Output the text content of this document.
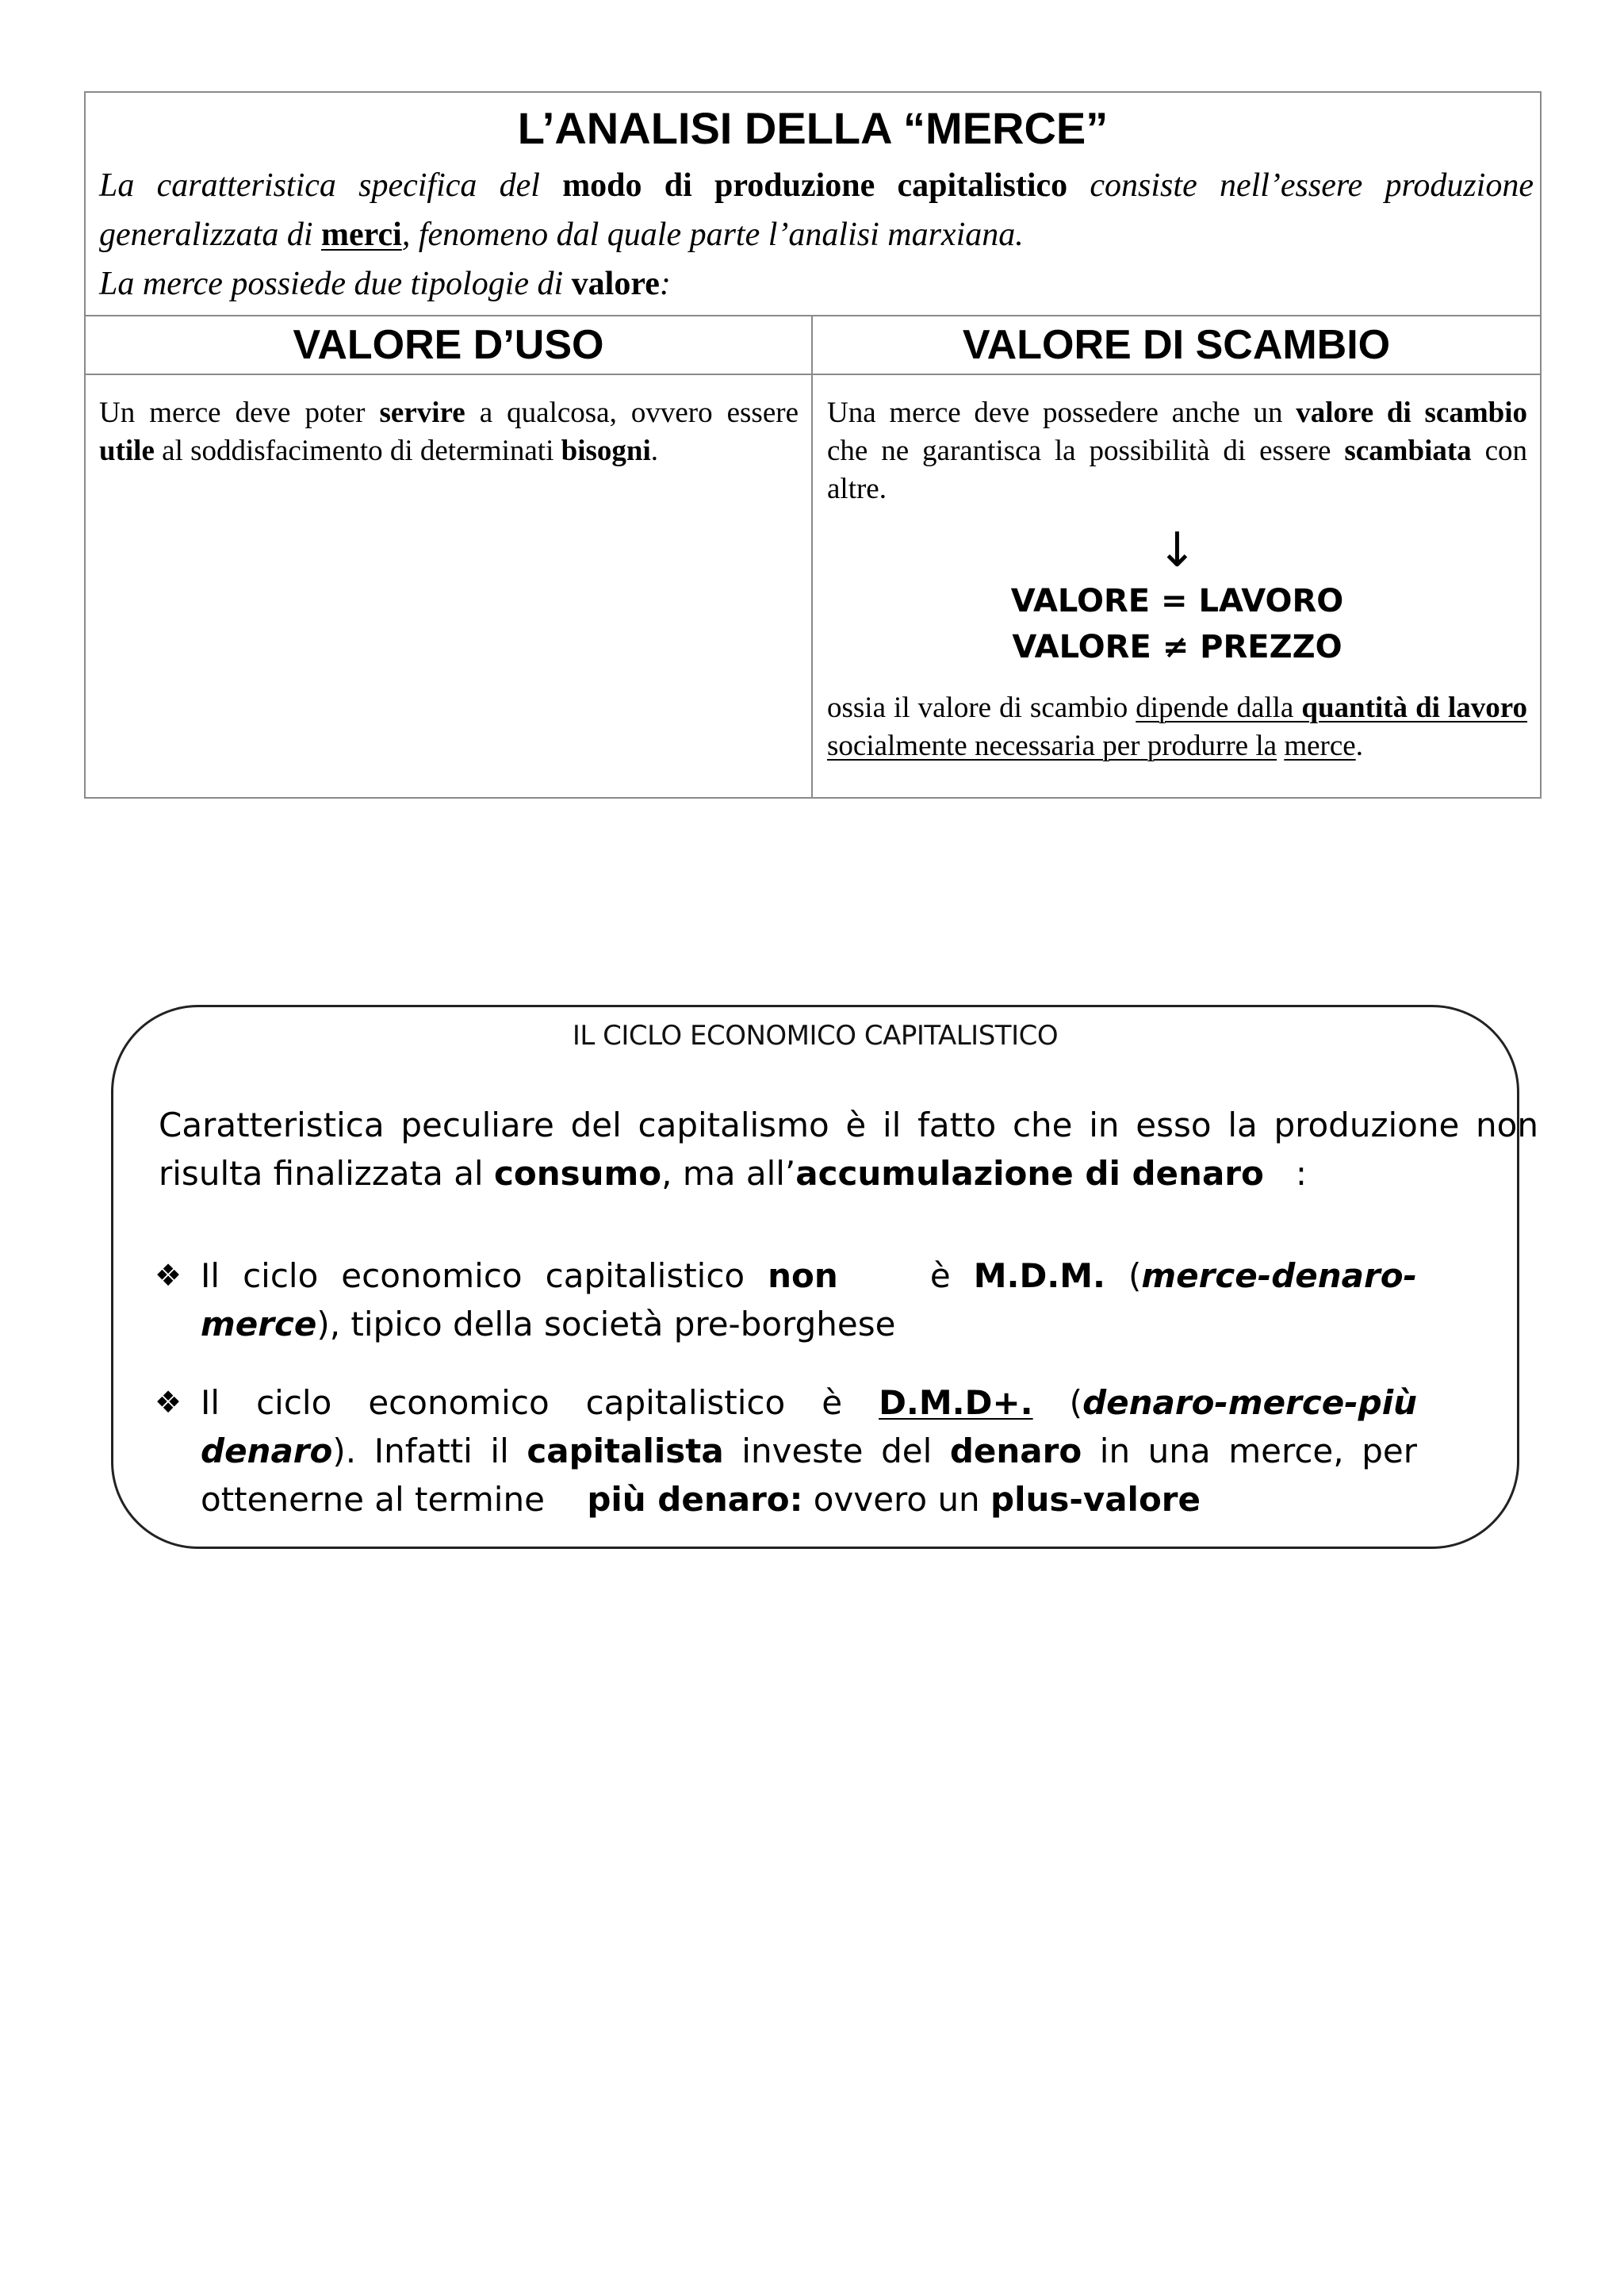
L’ANALISI DELLA “MERCE”
La caratteristica specifica del modo di produzione capitalistico consiste nell’essere produzione generalizzata di merci, fenomeno dal quale parte l’analisi marxiana.
La merce possiede due tipologie di valore:
VALORE D’USO	VALORE DI SCAMBIO
Un merce deve poter servire a qualcosa, ovvero essere utile al soddisfacimento di determinati bisogni.
Una merce deve possedere anche un valore di scambio che ne garantisca la possibilità di essere scambiata con altre.
↓
VALORE = LAVORO
VALORE ≠ PREZZO
ossia il valore di scambio dipende dalla quantità di lavoro socialmente necessaria per produrre la merce.
IL CICLO ECONOMICO CAPITALISTICO
Caratteristica peculiare del capitalismo è il fatto che in esso la produzione non risulta finalizzata al consumo, ma all’accumulazione di denaro   :
❖ Il ciclo economico capitalistico non    è M.D.M. (merce-denaro-merce), tipico della società pre-borghese
❖ Il ciclo economico capitalistico è D.M.D+. (denaro-merce-più denaro). Infatti il capitalista investe del denaro in una merce, per ottenerne al termine    più denaro: ovvero un plus-valore
